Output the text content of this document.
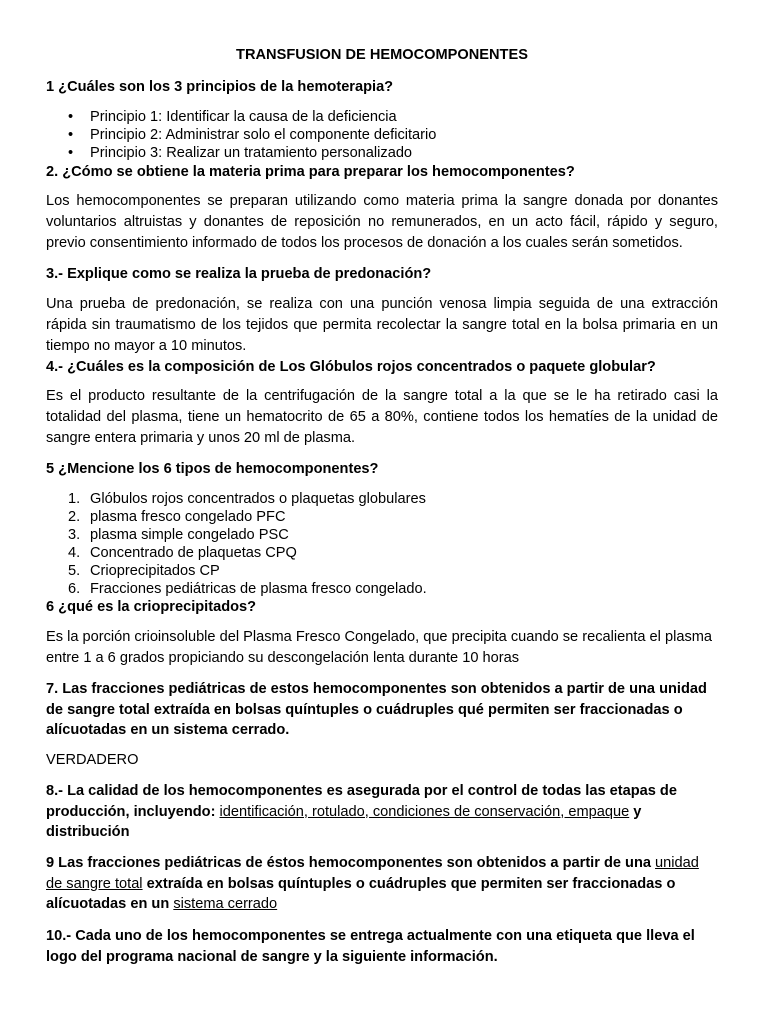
TRANSFUSION DE HEMOCOMPONENTES
1 ¿Cuáles son los 3 principios de la hemoterapia?
• Principio 1: Identificar la causa de la deficiencia
• Principio 2: Administrar solo el componente deficitario
• Principio 3: Realizar un tratamiento personalizado
2. ¿Cómo se obtiene la materia prima para preparar los hemocomponentes?
Los hemocomponentes se preparan utilizando como materia prima la sangre donada por donantes voluntarios altruistas y donantes de reposición no remunerados, en un acto fácil, rápido y seguro, previo consentimiento informado de todos los procesos de donación a los cuales serán sometidos.
3.- Explique como se realiza la prueba de predonación?
Una prueba de predonación, se realiza con una punción venosa limpia seguida de una extracción rápida sin traumatismo de los tejidos que permita recolectar la sangre total en la bolsa primaria en un tiempo no mayor a 10 minutos.
4.- ¿Cuáles es la composición de Los Glóbulos rojos concentrados o paquete globular?
Es el producto resultante de la centrifugación de la sangre total a la que se le ha retirado casi la totalidad del plasma, tiene un hematocrito de 65 a 80%, contiene todos los hematíes de la unidad de sangre entera primaria y unos 20 ml de plasma.
5 ¿Mencione los 6 tipos de hemocomponentes?
1. Glóbulos rojos concentrados o plaquetas globulares
2. plasma fresco congelado PFC
3. plasma simple congelado PSC
4. Concentrado de plaquetas CPQ
5. Crioprecipitados CP
6. Fracciones pediátricas de plasma fresco congelado.
6 ¿qué es la crioprecipitados?
Es la porción crioinsoluble del Plasma Fresco Congelado, que precipita cuando se recalienta el plasma entre 1 a 6 grados propiciando su descongelación lenta durante 10 horas
7. Las fracciones pediátricas de estos hemocomponentes son obtenidos a partir de una unidad de sangre total extraída en bolsas quíntuples o cuádruples qué permiten ser fraccionadas o alícuotadas en un sistema cerrado.
VERDADERO
8.- La calidad de los hemocomponentes es asegurada por el control de todas las etapas de producción, incluyendo: identificación, rotulado, condiciones de conservación, empaque y distribución
9 Las fracciones pediátricas de éstos hemocomponentes son obtenidos a partir de una unidad de sangre total extraída en bolsas quíntuples o cuádruples que permiten ser fraccionadas o alícuotadas en un sistema cerrado
10.- Cada uno de los hemocomponentes se entrega actualmente con una etiqueta que lleva el logo del programa nacional de sangre y la siguiente información.
